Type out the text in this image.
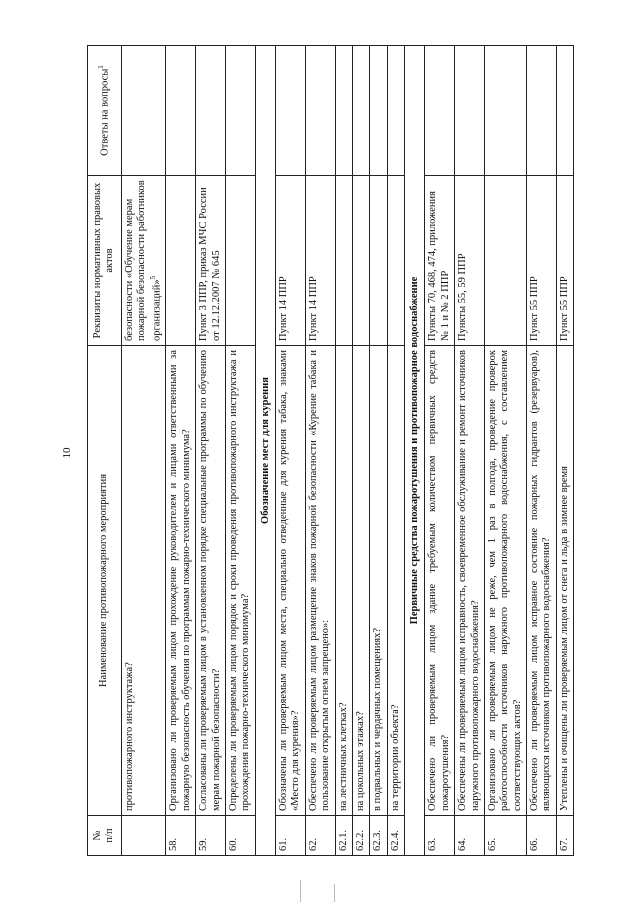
10
№
п/п	Наименование противопожарного мероприятия	Реквизиты нормативных правовых актов	Ответы на вопросы$^1$
	противопожарного инструктажа?	безопасности «Обучение мерам пожарной безопасности работников организаций»$^5$	
58.	Организовано ли проверяемым лицом прохождение руководителем и лицами ответственными за пожарную безопасность обучения по программам пожарно-технического минимума?		
59.	Согласованы ли проверяемым лицом в установленном порядке специальные программы по обучению мерам пожарной безопасности?	Пункт 3 ППР, приказ МЧС России от 12.12.2007 № 645	
60.	Определены ли проверяемым лицом порядок и сроки проведения противопожарного инструктажа и прохождения пожарно-технического минимума?		
Обозначение мест для курения			
61.	Обозначены ли проверяемым лицом места, специально отведенные для курения табака, знаками «Место для курения»?	Пункт 14 ППР	
62.	Обеспечено ли проверяемым лицом размещение знаков пожарной безопасности «Курение табака и пользование открытым огнем запрещено»:	Пункт 14 ППР	
62.1.	на лестничных клетках?		
62.2.	на цокольных этажах?		
62.3.	в подвальных и чердачных помещениях?		
62.4.	на территории объекта?		
Первичные средства пожаротушения и противопожарное водоснабжение			
63.	Обеспечено ли проверяемым лицом здание требуемым количеством первичных средств пожаротушения?	Пункты 70, 468, 474, приложения № 1 и № 2 ППР	
64.	Обеспечены ли проверяемым лицом исправность, своевременное обслуживание и ремонт источников наружного противопожарного водоснабжения?	Пункты 55, 59 ППР	
65.	Организовано ли проверяемым лицом не реже, чем 1 раз в полгода, проведение проверок работоспособности источников наружного противопожарного водоснабжения, с составлением соответствующих актов?		
66.	Обеспечено ли проверяемым лицом исправное состояние пожарных гидрантов (резервуаров), являющихся источником противопожарного водоснабжения?	Пункт 55 ППР	
67.	Утеплены и очищены ли проверяемым лицом от снега и льда в зимнее время	Пункт 55 ППР	
